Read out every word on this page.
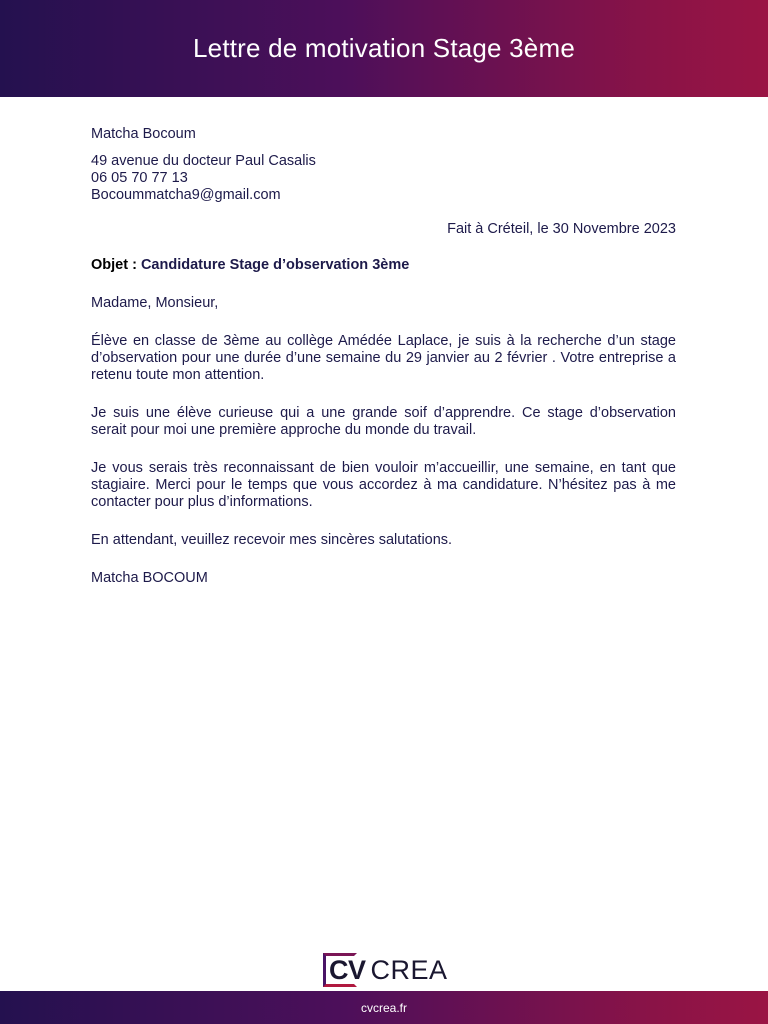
Lettre de motivation Stage 3ème

Matcha Bocoum

49 avenue du docteur Paul Casalis

06 05 70 77 13

Bocoummatcha9@gmail.com

Fait à Créteil, le 30 Novembre 2023

Objet : Candidature Stage d’observation 3ème

Madame, Monsieur,

Élève en classe de 3ème au collège Amédée Laplace, je suis à la recherche d’un stage d’observation pour une durée d’une semaine du 29 janvier au 2 février . Votre entreprise a retenu toute mon attention.

Je suis une élève curieuse qui a une grande soif d’apprendre. Ce stage d’observation serait pour moi une première approche du monde du travail.

Je vous serais très reconnaissant de bien vouloir m’accueillir, une semaine, en tant que stagiaire. Merci pour le temps que vous accordez à ma candidature. N’hésitez pas à me contacter pour plus d’informations.

En attendant, veuillez recevoir mes sincères salutations.

Matcha BOCOUM

CV CREA
cvcrea.fr
